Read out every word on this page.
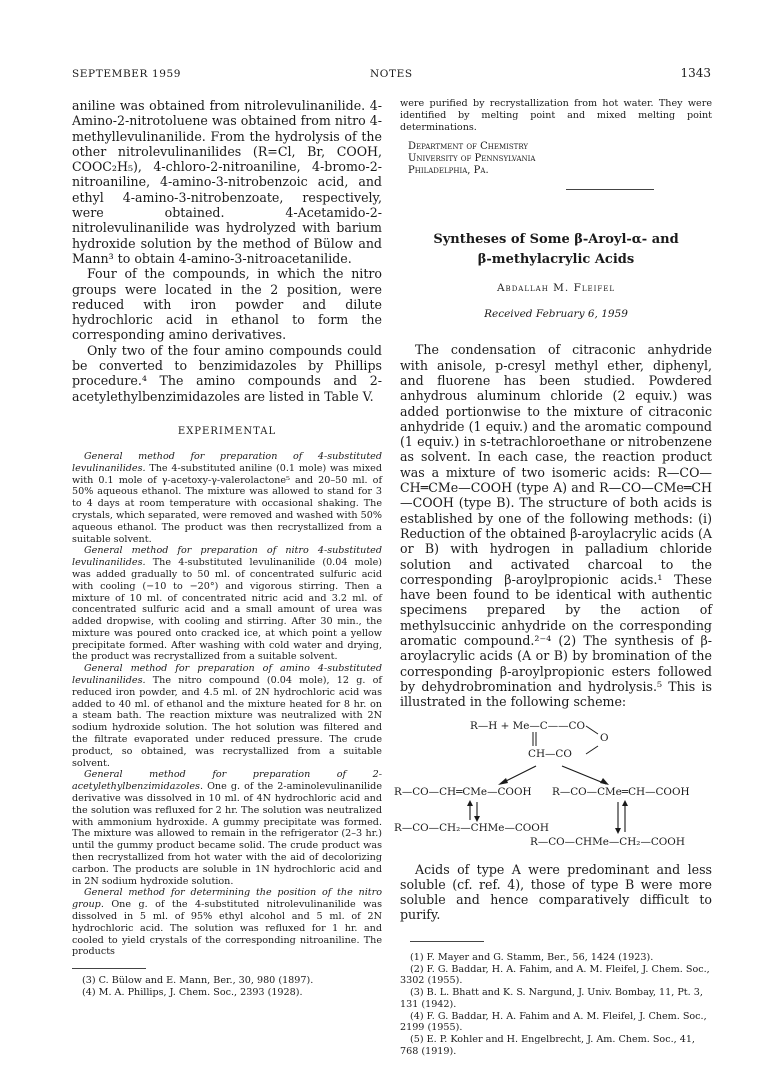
SEPTEMBER 1959	NOTES	1343

aniline was obtained from nitrolevulinanilide. 4-Amino-2-nitrotoluene was obtained from nitro 4-methyllevulinanilide. From the hydrolysis of the other nitrolevulinanilides (R=Cl, Br, COOH, COOC₂H₅), 4-chloro-2-nitroaniline, 4-bromo-2-nitroaniline, 4-amino-3-nitrobenzoic acid, and ethyl 4-amino-3-nitrobenzoate, respectively, were obtained. 4-Acetamido-2-nitrolevulinanilide was hydrolyzed with barium hydroxide solution by the method of Bülow and Mann³ to obtain 4-amino-3-nitroacetanilide.

Four of the compounds, in which the nitro groups were located in the 2 position, were reduced with iron powder and dilute hydrochloric acid in ethanol to form the corresponding amino derivatives.

Only two of the four amino compounds could be converted to benzimidazoles by Phillips procedure.⁴ The amino compounds and 2-acetylethylbenzimidazoles are listed in Table V.

EXPERIMENTAL

General method for preparation of 4-substituted levulinanilides. The 4-substituted aniline (0.1 mole) was mixed with 0.1 mole of γ-acetoxy-γ-valerolactone⁵ and 20–50 ml. of 50% aqueous ethanol. The mixture was allowed to stand for 3 to 4 days at room temperature with occasional shaking. The crystals, which separated, were removed and washed with 50% aqueous ethanol. The product was then recrystallized from a suitable solvent.

General method for preparation of nitro 4-substituted levulinanilides. The 4-substituted levulinanilide (0.04 mole) was added gradually to 50 ml. of concentrated sulfuric acid with cooling (−10 to −20°) and vigorous stirring. Then a mixture of 10 ml. of concentrated nitric acid and 3.2 ml. of concentrated sulfuric acid and a small amount of urea was added dropwise, with cooling and stirring. After 30 min., the mixture was poured onto cracked ice, at which point a yellow precipitate formed. After washing with cold water and drying, the product was recrystallized from a suitable solvent.

General method for preparation of amino 4-substituted levulinanilides. The nitro compound (0.04 mole), 12 g. of reduced iron powder, and 4.5 ml. of 2N hydrochloric acid was added to 40 ml. of ethanol and the mixture heated for 8 hr. on a steam bath. The reaction mixture was neutralized with 2N sodium hydroxide solution. The hot solution was filtered and the filtrate evaporated under reduced pressure. The crude product, so obtained, was recrystallized from a suitable solvent.

General method for preparation of 2-acetylethylbenzimidazoles. One g. of the 2-aminolevulinanilide derivative was dissolved in 10 ml. of 4N hydrochloric acid and the solution was refluxed for 2 hr. The solution was neutralized with ammonium hydroxide. A gummy precipitate was formed. The mixture was allowed to remain in the refrigerator (2–3 hr.) until the gummy product became solid. The crude product was then recrystallized from hot water with the aid of decolorizing carbon. The products are soluble in 1N hydrochloric acid and in 2N sodium hydroxide solution.

General method for determining the position of the nitro group. One g. of the 4-substituted nitrolevulinanilide was dissolved in 5 ml. of 95% ethyl alcohol and 5 ml. of 2N hydrochloric acid. The solution was refluxed for 1 hr. and cooled to yield crystals of the corresponding nitroaniline. The products

(3) C. Bülow and E. Mann, Ber., 30, 980 (1897).

(4) M. A. Phillips, J. Chem. Soc., 2393 (1928).

were purified by recrystallization from hot water. They were identified by melting point and mixed melting point determinations.

Department of Chemistry
University of Pennsylvania
Philadelphia, Pa.
Syntheses of Some β-Aroyl-α- and
β-methylacrylic Acids
Abdallah M. Fleifel
Received February 6, 1959

The condensation of citraconic anhydride with anisole, p-cresyl methyl ether, diphenyl, and fluorene has been studied. Powdered anhydrous aluminum chloride (2 equiv.) was added portionwise to the mixture of citraconic anhydride (1 equiv.) and the aromatic compound (1 equiv.) in s-tetrachloroethane or nitrobenzene as solvent. In each case, the reaction product was a mixture of two isomeric acids: R—CO—CH═CMe—COOH (type A) and R—CO—CMe═CH—COOH (type B). The structure of both acids is established by one of the following methods: (i) Reduction of the obtained β-aroylacrylic acids (A or B) with hydrogen in palladium chloride solution and activated charcoal to the corresponding β-aroylpropionic acids.¹ These have been found to be identical with authentic specimens prepared by the action of methylsuccinic anhydride on the corresponding aromatic compound.²⁻⁴ (2) The synthesis of β-aroylacrylic acids (A or B) by bromination of the corresponding β-aroylpropionic esters followed by dehydrobromination and hydrolysis.⁵ This is illustrated in the following scheme:

R—H + Me—C——CO
O
CH—CO
R—CO—CH═CMe—COOH R—CO—CMe═CH—COOH
R—CO—CH₂—CHMe—COOH
R—CO—CHMe—CH₂—COOH

Acids of type A were predominant and less soluble (cf. ref. 4), those of type B were more soluble and hence comparatively difficult to purify.

(1) F. Mayer and G. Stamm, Ber., 56, 1424 (1923).

(2) F. G. Baddar, H. A. Fahim, and A. M. Fleifel, J. Chem. Soc., 3302 (1955).

(3) B. L. Bhatt and K. S. Nargund, J. Univ. Bombay, 11, Pt. 3, 131 (1942).

(4) F. G. Baddar, H. A. Fahim and A. M. Fleifel, J. Chem. Soc., 2199 (1955).

(5) E. P. Kohler and H. Engelbrecht, J. Am. Chem. Soc., 41, 768 (1919).
